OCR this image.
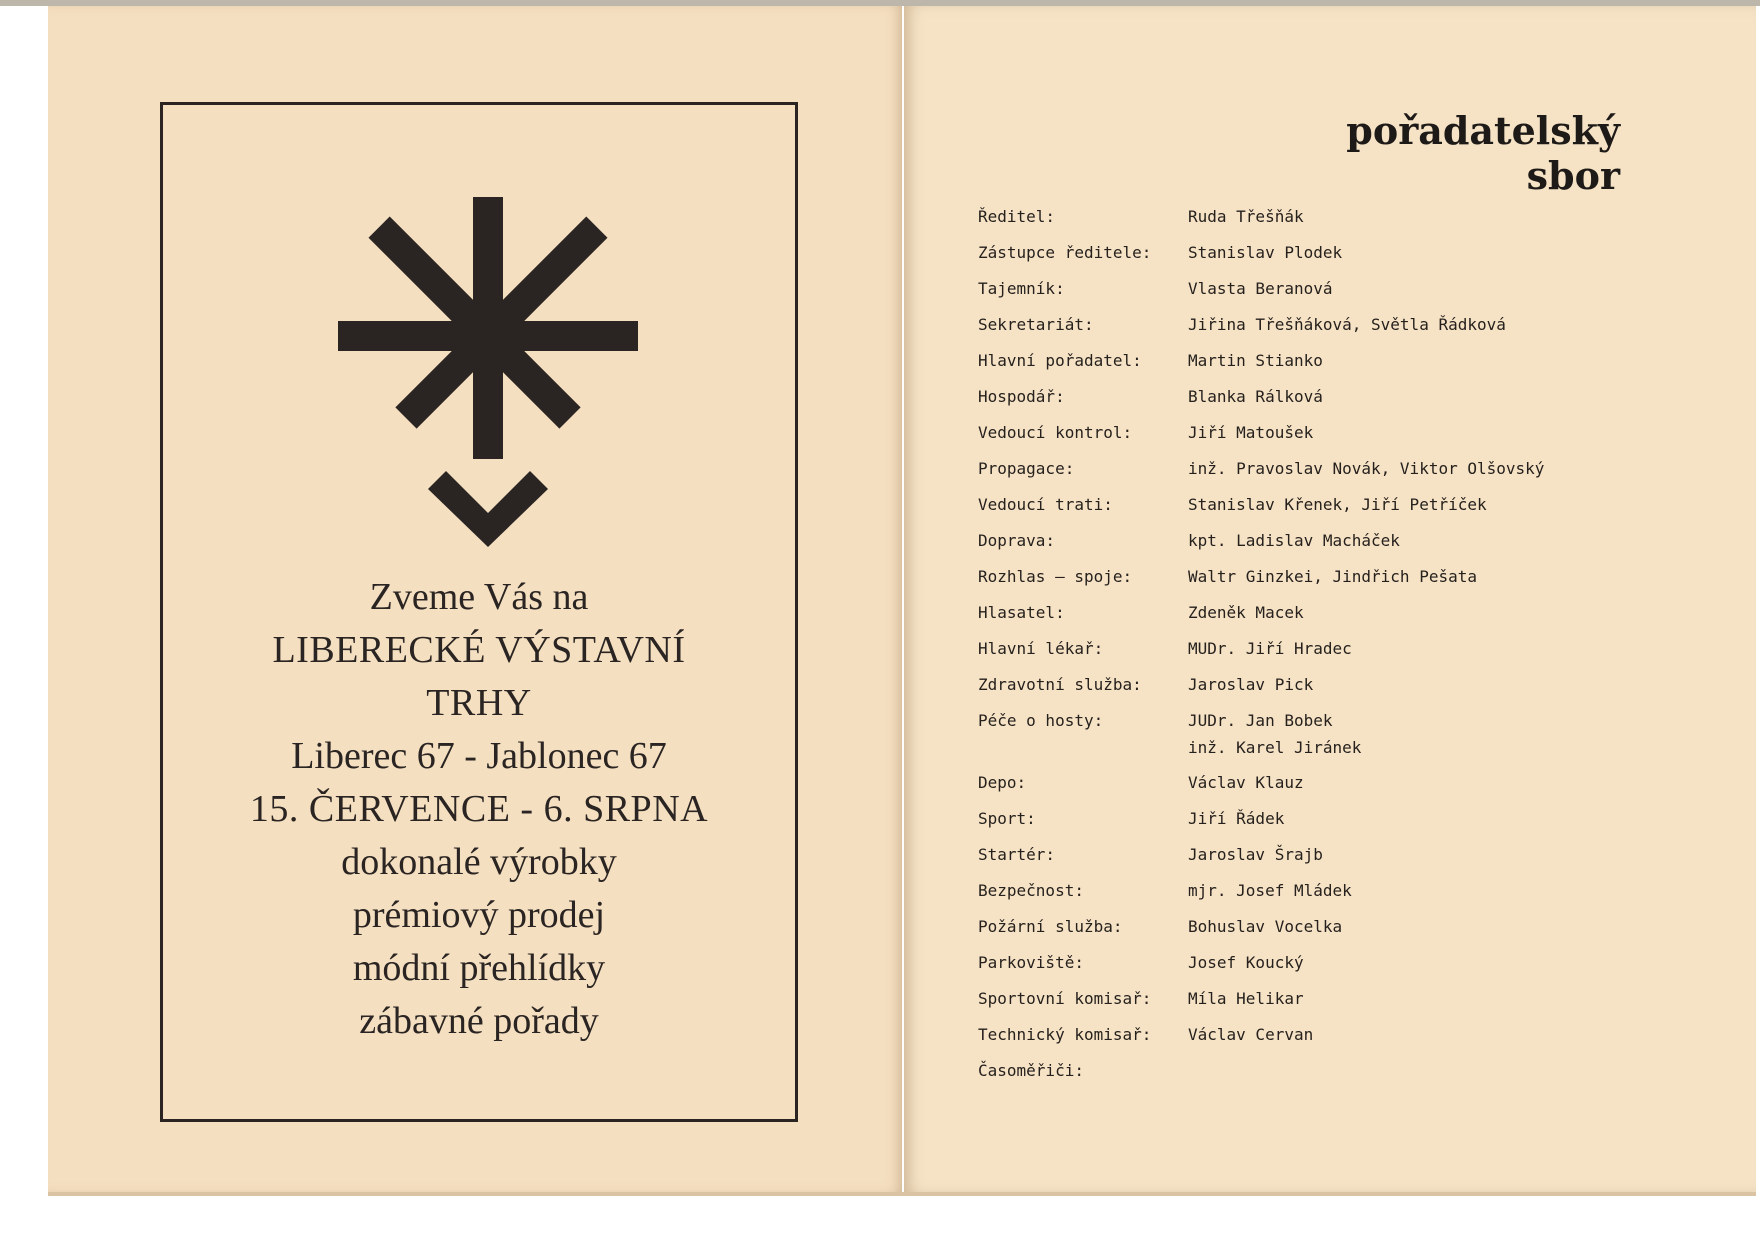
Zveme Vás na
LIBERECKÉ VÝSTAVNÍ
TRHY
Liberec 67 - Jablonec 67
15. ČERVENCE - 6. SRPNA
dokonalé výrobky
prémiový prodej
módní přehlídky
zábavné pořady
pořadatelský sbor
Ředitel:	Ruda Třešňák
Zástupce ředitele: Stanislav Plodek
Tajemník:	Vlasta Beranová
Sekretariát:	Jiřina Třešňáková, Světla Řádková
Hlavní pořadatel:	Martin Stianko
Hospodář:	Blanka Rálková
Vedoucí kontrol:	Jiří Matoušek
Propagace:	inž. Pravoslav Novák, Viktor Olšovský
Vedoucí trati:	Stanislav Křenek, Jiří Petříček
Doprava:	kpt. Ladislav Macháček
Rozhlas — spoje:	Waltr Ginzkei, Jindřich Pešata
Hlasatel:	Zdeněk Macek
Hlavní lékař:	MUDr. Jiří Hradec
Zdravotní služba:	Jaroslav Pick
Péče o hosty:	JUDr. Jan Bobek
inž. Karel Jiránek
Depo:	Václav Klauz
Sport:	Jiří Řádek
Startér:	Jaroslav Šrajb
Bezpečnost:	mjr. Josef Mládek
Požární služba:	Bohuslav Vocelka
Parkoviště:	Josef Koucký
Sportovní komisař: Míla Helikar
Technický komisař: Václav Cervan
Časoměřiči:
